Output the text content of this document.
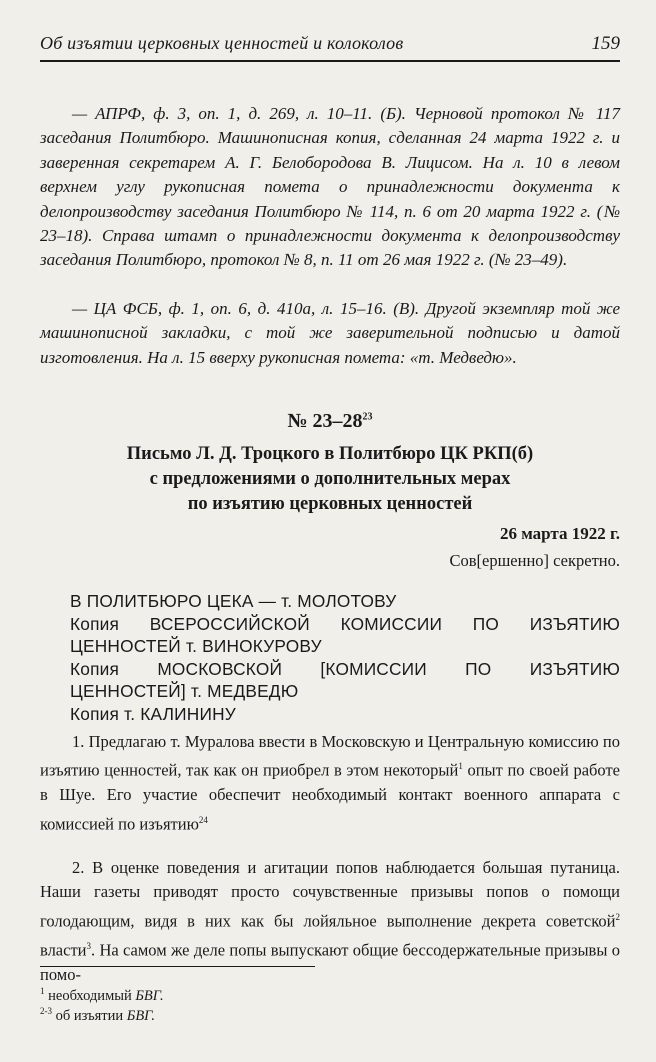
Об изъятии церковных ценностей и колоколов	159

— АПРФ, ф. 3, оп. 1, д. 269, л. 10–11. (Б). Черновой протокол № 117 заседания Политбюро. Машинописная копия, сделанная 24 марта 1922 г. и заверенная секретарем А. Г. Белобородова В. Лицисом. На л. 10 в левом верхнем углу рукописная помета о принадлежности документа к делопроизводству заседания Политбюро № 114, п. 6 от 20 марта 1922 г. (№ 23–18). Справа штамп о принадлежности документа к делопроизводству заседания Политбюро, протокол № 8, п. 11 от 26 мая 1922 г. (№ 23–49).

— ЦА ФСБ, ф. 1, оп. 6, д. 410а, л. 15–16. (В). Другой экземпляр той же машинописной закладки, с той же заверительной подписью и датой изготовления. На л. 15 вверху рукописная помета: «т. Медведю».

№ $23-28^{23}$
Письмо Л. Д. Троцкого в Политбюро ЦК РКП(б)
с предложениями о дополнительных мерах
по изъятию церковных ценностей
26 марта 1922 г.
Сов[ершенно] секретно.
В ПОЛИТБЮРО ЦЕКА — т. МОЛОТОВУ
Копия ВСЕРОССИЙСКОЙ КОМИССИИ ПО ИЗЪЯТИЮ
ЦЕННОСТЕЙ т. ВИНОКУРОВУ
Копия МОСКОВСКОЙ [КОМИССИИ ПО ИЗЪЯТИЮ
ЦЕННОСТЕЙ] т. МЕДВЕДЮ
Копия т. КАЛИНИНУ

1. Предлагаю т. Муралова ввести в Московскую и Центральную комиссию по изъятию ценностей, так как он приобрел в этом некоторый$^1$ опыт по своей работе в Шуе. Его участие обеспечит необходимый контакт военного аппарата с комиссией по изъятию$^{24}$

2. В оценке поведения и агитации попов наблюдается большая путаница. Наши газеты приводят просто сочувственные призывы попов о помощи голодающим, видя в них как бы лойяльное выполнение декрета советской$^2$ власти$^3$. На самом же деле попы выпускают общие бессодержательные призывы о помо-

$^1$ необходимый БВГ.
$^{2-3}$ об изъятии БВГ.
